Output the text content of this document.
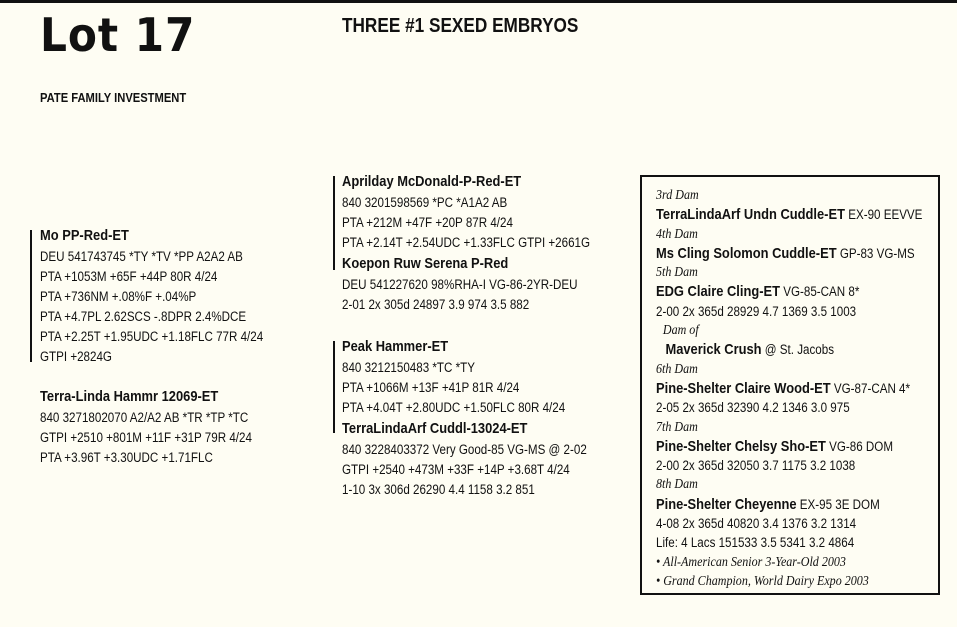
Lot 17	THREE #1 SEXED EMBRYOS
PATE FAMILY INVESTMENT
Mo PP-Red-ET
DEU 541743745 *TY *TV *PP A2A2 AB
PTA +1053M +65F +44P 80R 4/24
PTA +736NM +.08%F +.04%P
PTA +4.7PL 2.62SCS -.8DPR 2.4%DCE
PTA +2.25T +1.95UDC +1.18FLC 77R 4/24
GTPI +2824G
Terra-Linda Hammr 12069-ET
840 3271802070 A2/A2 AB *TR *TP *TC
GTPI +2510 +801M +11F +31P 79R 4/24
PTA +3.96T +3.30UDC +1.71FLC
Aprilday McDonald-P-Red-ET
840 3201598569 *PC *A1A2 AB
PTA +212M +47F +20P 87R 4/24
PTA +2.14T +2.54UDC +1.33FLC GTPI +2661G
Koepon Ruw Serena P-Red
DEU 541227620 98%RHA-I VG-86-2YR-DEU
2-01 2x 305d 24897 3.9 974 3.5 882
Peak Hammer-ET
840 3212150483 *TC *TY
PTA +1066M +13F +41P 81R 4/24
PTA +4.04T +2.80UDC +1.50FLC 80R 4/24
TerraLindaArf Cuddl-13024-ET
840 3228403372 Very Good-85 VG-MS @ 2-02
GTPI +2540 +473M +33F +14P +3.68T 4/24
1-10 3x 306d 26290 4.4 1158 3.2 851
3rd Dam
TerraLindaArf Undn Cuddle-ET EX-90 EEVVE
4th Dam
Ms Cling Solomon Cuddle-ET GP-83 VG-MS
5th Dam
EDG Claire Cling-ET VG-85-CAN 8*
2-00 2x 365d 28929 4.7 1369 3.5 1003
Dam of
Maverick Crush @ St. Jacobs
6th Dam
Pine-Shelter Claire Wood-ET VG-87-CAN 4*
2-05 2x 365d 32390 4.2 1346 3.0 975
7th Dam
Pine-Shelter Chelsy Sho-ET VG-86 DOM
2-00 2x 365d 32050 3.7 1175 3.2 1038
8th Dam
Pine-Shelter Cheyenne EX-95 3E DOM
4-08 2x 365d 40820 3.4 1376 3.2 1314
Life: 4 Lacs 151533 3.5 5341 3.2 4864
• All-American Senior 3-Year-Old 2003
• Grand Champion, World Dairy Expo 2003
